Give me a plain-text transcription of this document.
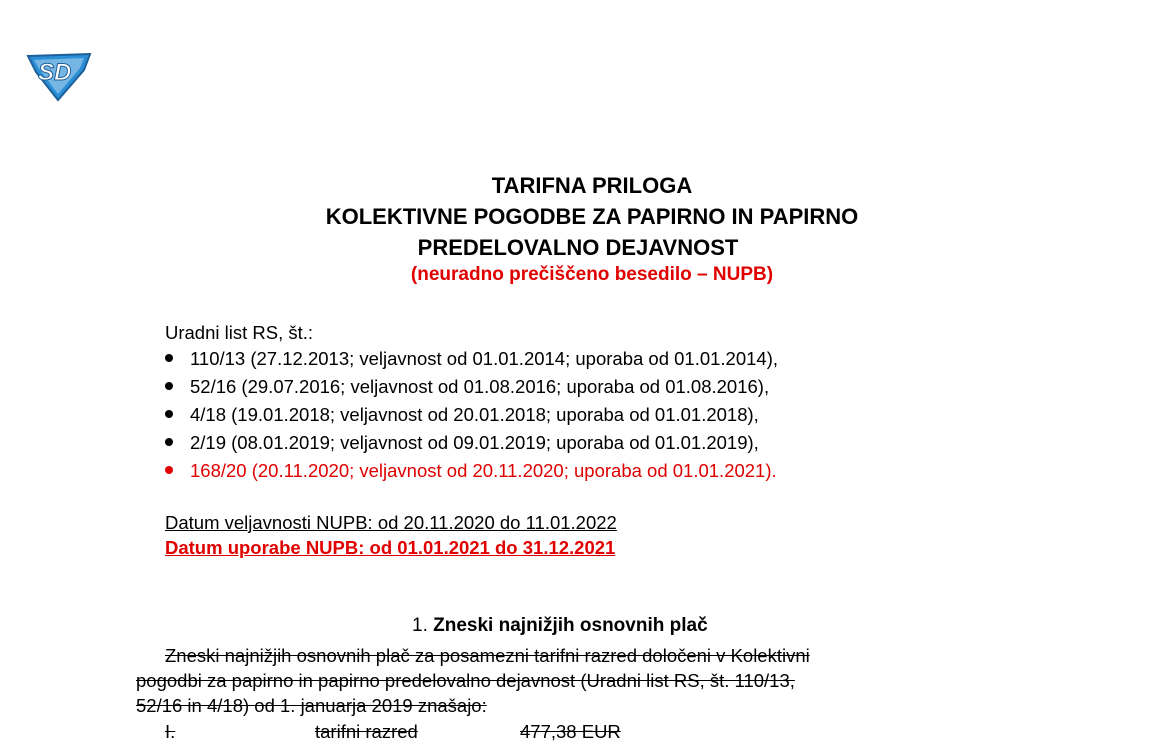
SD
TARIFNA PRILOGA
KOLEKTIVNE POGODBE ZA PAPIRNO IN PAPIRNO
PREDELOVALNO DEJAVNOST
(neuradno prečiščeno besedilo – NUPB)
Uradni list RS, št.:
110/13 (27.12.2013; veljavnost od 01.01.2014; uporaba od 01.01.2014),
52/16 (29.07.2016; veljavnost od 01.08.2016; uporaba od 01.08.2016),
4/18 (19.01.2018; veljavnost od 20.01.2018; uporaba od 01.01.2018),
2/19 (08.01.2019; veljavnost od 09.01.2019; uporaba od 01.01.2019),
168/20 (20.11.2020; veljavnost od 20.11.2020; uporaba od 01.01.2021).
Datum veljavnosti NUPB: od 20.11.2020 do 11.01.2022
Datum uporabe NUPB: od 01.01.2021 do 31.12.2021
1. Zneski najnižjih osnovnih plač
Zneski najnižjih osnovnih plač za posamezni tarifni razred določeni v Kolektivni
pogodbi za papirno in papirno predelovalno dejavnost (Uradni list RS, št. 110/13,
52/16 in 4/18) od 1. januarja 2019 znašajo:
I.	tarifni razred	477,38 EUR
